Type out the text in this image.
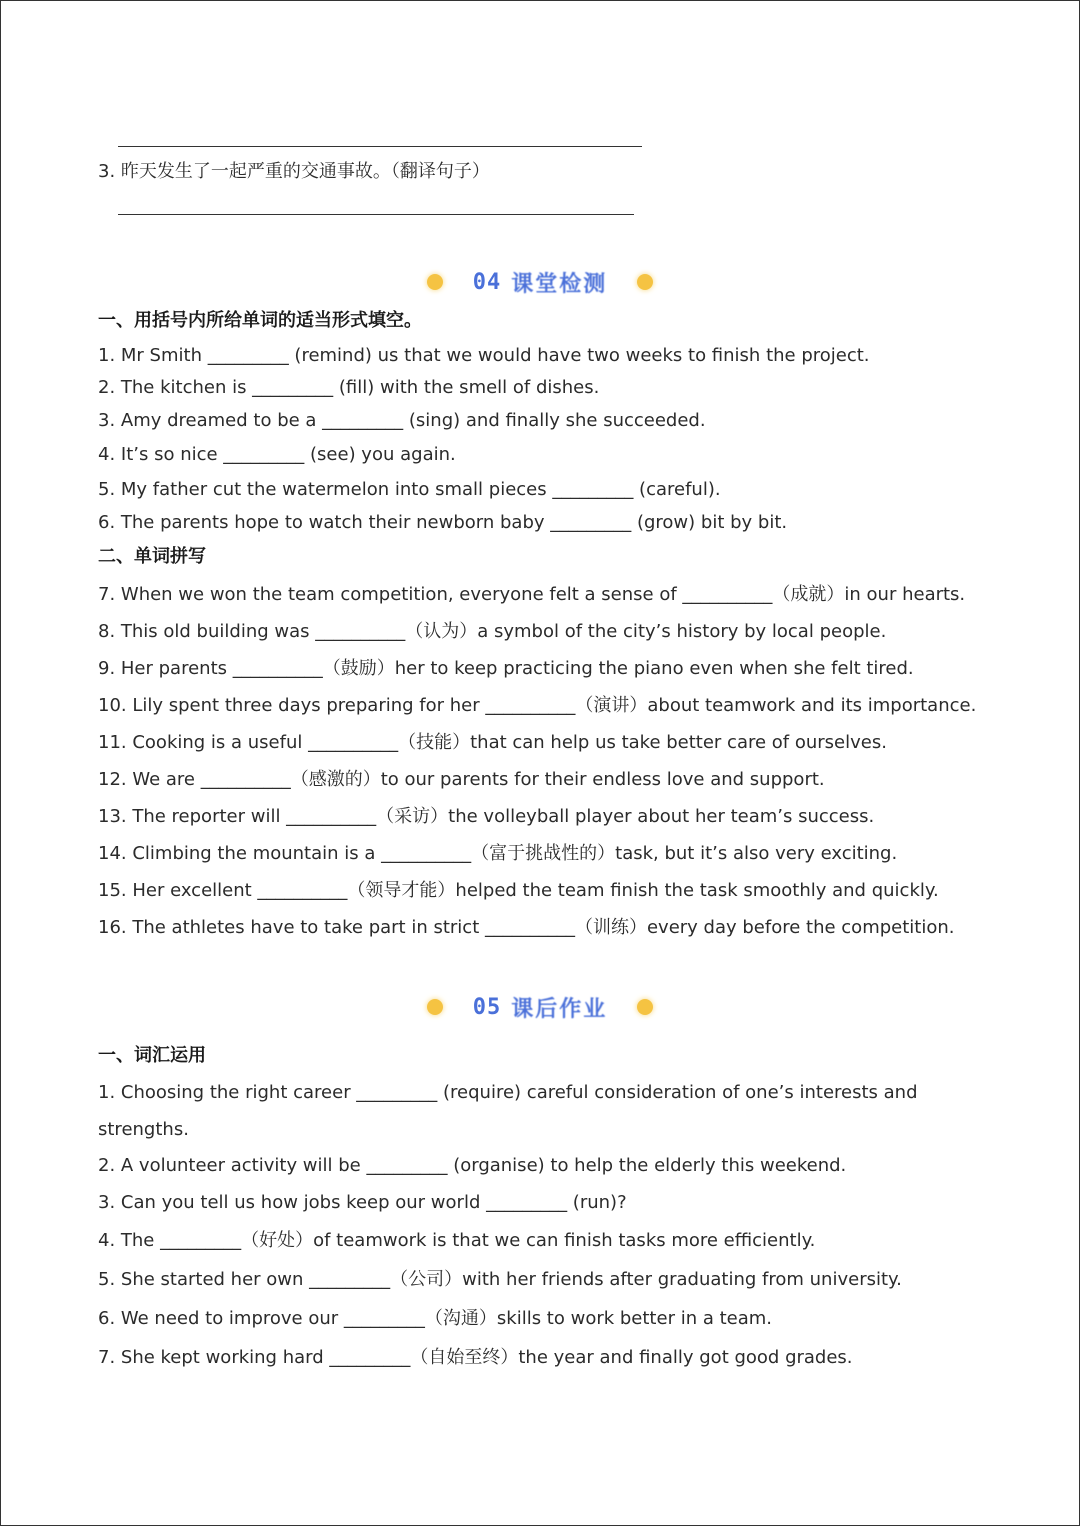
3. 昨天发生了一起严重的交通事故。（翻译句子）
04 课堂检测
一、用括号内所给单词的适当形式填空。
1. Mr Smith _________ (remind) us that we would have two weeks to finish the project.
2. The kitchen is _________ (fill) with the smell of dishes.
3. Amy dreamed to be a _________ (sing) and finally she succeeded.
4. It’s so nice _________ (see) you again.
5. My father cut the watermelon into small pieces _________ (careful).
6. The parents hope to watch their newborn baby _________ (grow) bit by bit.
二、单词拼写
7. When we won the team competition, everyone felt a sense of __________（成就）in our hearts.
8. This old building was __________（认为）a symbol of the city’s history by local people.
9. Her parents __________（鼓励）her to keep practicing the piano even when she felt tired.
10. Lily spent three days preparing for her __________（演讲）about teamwork and its importance.
11. Cooking is a useful __________（技能）that can help us take better care of ourselves.
12. We are __________（感激的）to our parents for their endless love and support.
13. The reporter will __________（采访）the volleyball player about her team’s success.
14. Climbing the mountain is a __________（富于挑战性的）task, but it’s also very exciting.
15. Her excellent __________（领导才能）helped the team finish the task smoothly and quickly.
16. The athletes have to take part in strict __________（训练）every day before the competition.
05 课后作业
一、词汇运用
1. Choosing the right career _________ (require) careful consideration of one’s interests and
strengths.
2. A volunteer activity will be _________ (organise) to help the elderly this weekend.
3. Can you tell us how jobs keep our world _________ (run)?
4. The _________（好处）of teamwork is that we can finish tasks more efficiently.
5. She started her own _________（公司）with her friends after graduating from university.
6. We need to improve our _________（沟通）skills to work better in a team.
7. She kept working hard _________（自始至终）the year and finally got good grades.
